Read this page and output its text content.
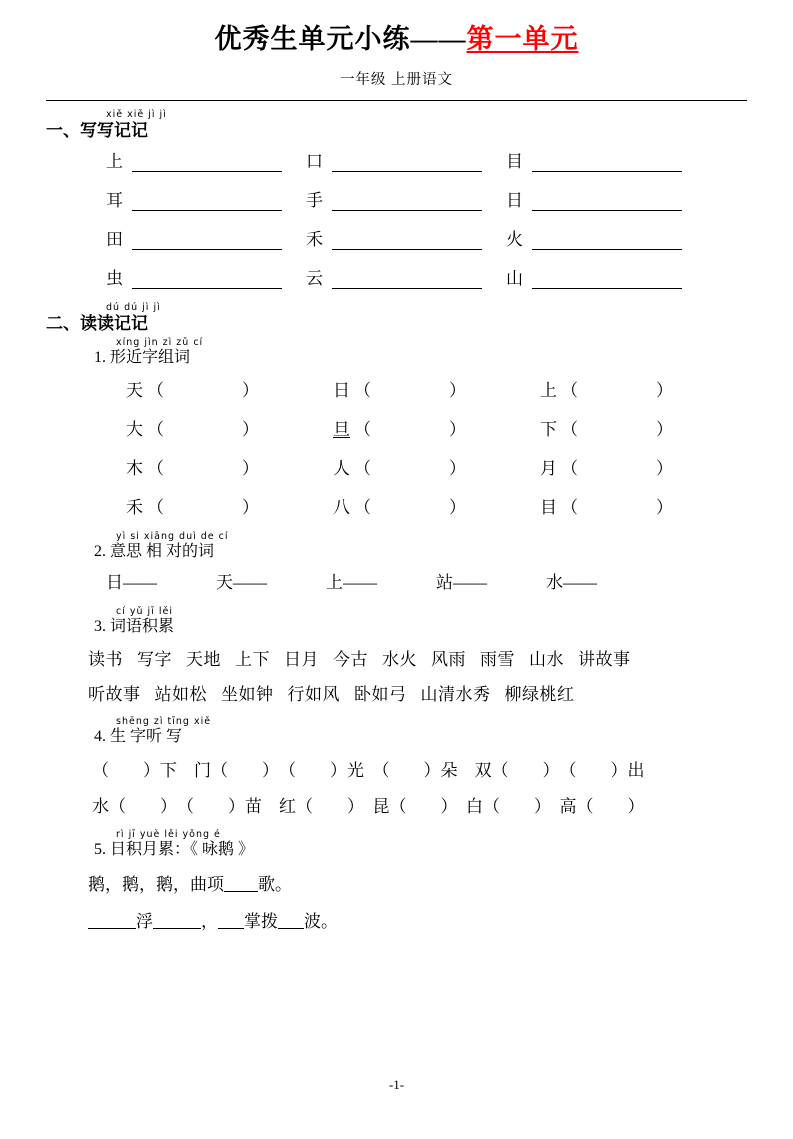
优秀生单元小练——第一单元
一年级 上册语文
xiě xiě jì jì
一、写写记记
上	口	目
耳	手	日
田	禾	火
虫	云	山
dú dú jì jì
二、读读记记
xíng jìn zì zǔ cí
1. 形近字组词
天 （	）	日 （	）	上 （	）
大 （	）	旦 （	）	下 （	）
木 （	）	人 （	）	月 （	）
禾 （	）	八 （	）	目 （	）
yì si xiāng duì de cí
2. 意思 相 对的词
日——	天——	上——	站——	水——
cí yǔ jī lěi
3. 词语积累
读书 写字 天地 上下 日月 今古 水火 风雨 雨雪 山水 讲故事
听故事 站如松 坐如钟 行如风 卧如弓 山清水秀 柳绿桃红
shēng zì tīng xiě
4. 生 字听 写
（　　）下　门（　　）　（　　）光　（　　）朵　双（　　）　（　　）出
水（　　）　（　　）苗　红（　　）　昆（　　）　白（　　）　高（　　）
rì jī yuè lěi yǒng é
5. 日积月累：《 咏鹅 》
鹅，鹅，鹅，曲项 歌。
浮	， 掌拨 波。
-1-
